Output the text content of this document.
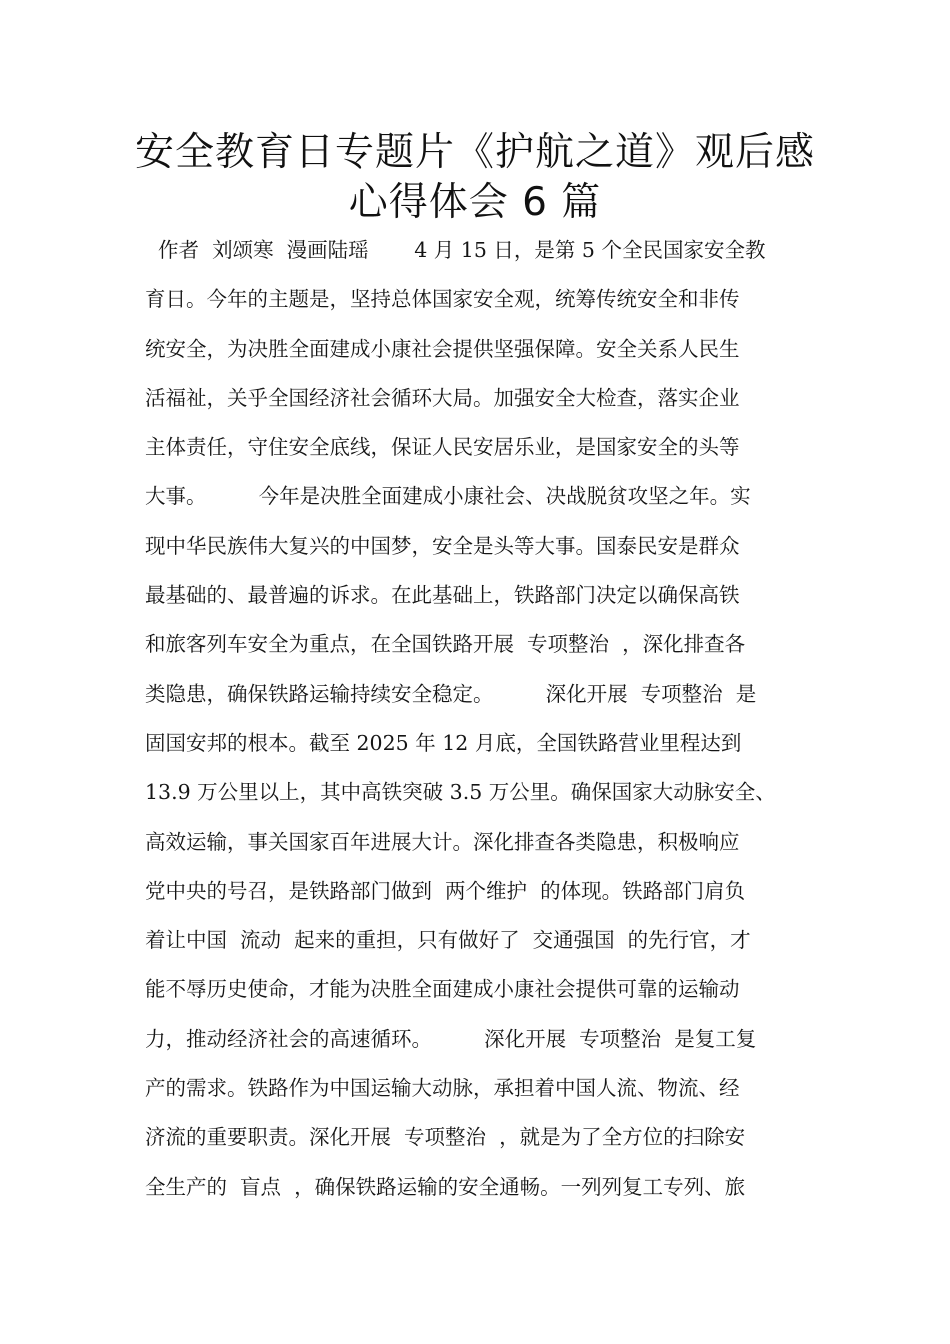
安全教育日专题片《护航之道》观后感
心得体会 6 篇
作者  刘颂寒  漫画陆瑶       4 月 15 日，是第 5 个全民国家安全教
育日。今年的主题是，坚持总体国家安全观，统筹传统安全和非传
统安全，为决胜全面建成小康社会提供坚强保障。安全关系人民生
活福祉，关乎全国经济社会循环大局。加强安全大检查，落实企业
主体责任，守住安全底线，保证人民安居乐业，是国家安全的头等
大事。        今年是决胜全面建成小康社会、决战脱贫攻坚之年。实
现中华民族伟大复兴的中国梦，安全是头等大事。国泰民安是群众
最基础的、最普遍的诉求。在此基础上，铁路部门决定以确保高铁
和旅客列车安全为重点，在全国铁路开展  专项整治  ，深化排查各
类隐患，确保铁路运输持续安全稳定。        深化开展  专项整治  是
固国安邦的根本。截至 2025 年 12 月底，全国铁路营业里程达到
13.9 万公里以上，其中高铁突破 3.5 万公里。确保国家大动脉安全、
高效运输，事关国家百年进展大计。深化排查各类隐患，积极响应
党中央的号召，是铁路部门做到  两个维护  的体现。铁路部门肩负
着让中国  流动  起来的重担，只有做好了  交通强国  的先行官，才
能不辱历史使命，才能为决胜全面建成小康社会提供可靠的运输动
力，推动经济社会的高速循环。        深化开展  专项整治  是复工复
产的需求。铁路作为中国运输大动脉，承担着中国人流、物流、经
济流的重要职责。深化开展  专项整治  ，就是为了全方位的扫除安
全生产的  盲点  ，确保铁路运输的安全通畅。一列列复工专列、旅
